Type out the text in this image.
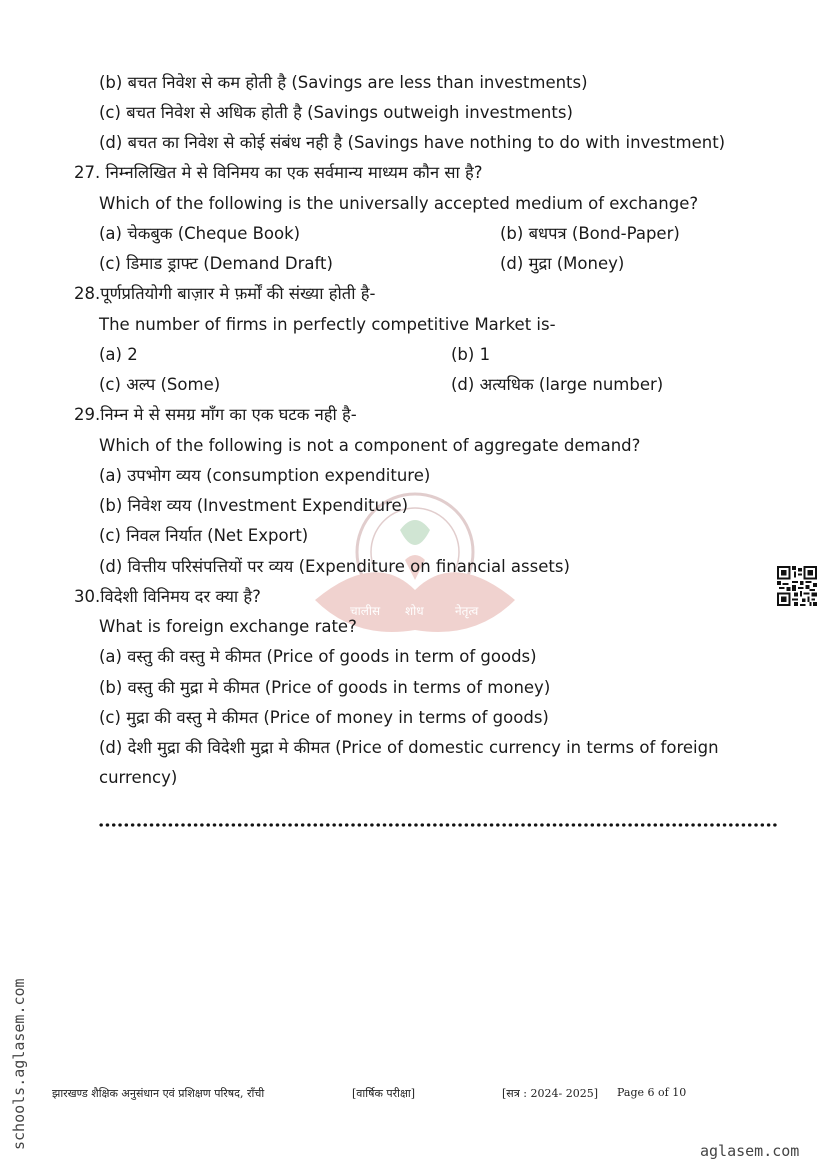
चालीस शोध	नेतृत्व
(b) बचत निवेश से कम होती है (Savings are less than investments)
(c) बचत निवेश से अधिक होती है (Savings outweigh investments)
(d) बचत का निवेश से कोई संबंध नही है (Savings have nothing to do with investment)
27. निम्नलिखित मे से विनिमय का एक सर्वमान्य माध्यम कौन सा है?
Which of the following is the universally accepted medium of exchange?
(a) चेकबुक (Cheque Book)	(b) बधपत्र (Bond-Paper)
(c) डिमाड ड्राफ्ट (Demand Draft)	(d) मुद्रा (Money)
28.पूर्णप्रतियोगी बाज़ार मे फ़र्मों की संख्या होती है-
The number of firms in perfectly competitive Market is-
(a) 2	(b) 1
(c) अल्प (Some)	(d) अत्यधिक (large number)
29.निम्न मे से समग्र माँग का एक घटक नही है-
Which of the following is not a component of aggregate demand?
(a) उपभोग व्यय (consumption expenditure)
(b) निवेश व्यय (Investment Expenditure)
(c) निवल निर्यात (Net Export)
(d) वित्तीय परिसंपत्तियों पर व्यय (Expenditure on financial assets)
30.विदेशी विनिमय दर क्या है?
What is foreign exchange rate?
(a) वस्तु की वस्तु मे कीमत (Price of goods in term of goods)
(b) वस्तु की मुद्रा मे कीमत (Price of goods in terms of money)
(c) मुद्रा की वस्तु मे कीमत (Price of money in terms of goods)
(d) देशी मुद्रा की विदेशी मुद्रा मे कीमत (Price of domestic currency in terms of foreign
currency)
झारखण्ड शैक्षिक अनुसंधान एवं प्रशिक्षण परिषद, राँची	[वार्षिक परीक्षा]	[सत्र : 2024- 2025] Page 6 of 10
schools.aglasem.com
aglasem.com
